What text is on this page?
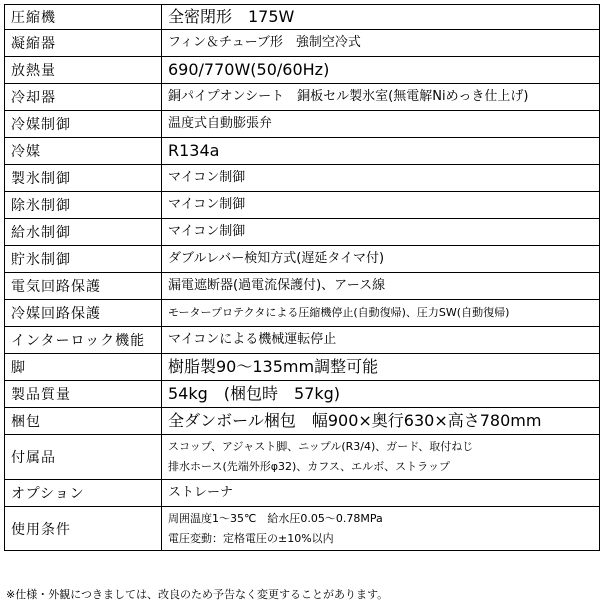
圧縮機	全密閉形　175W

凝縮器	フィン＆チューブ形　強制空冷式

放熱量	690/770W(50/60Hz)

冷却器	銅パイプオンシート　銅板セル製氷室(無電解Niめっき仕上げ)

冷媒制御	温度式自動膨張弁

冷媒	R134a

製氷制御	マイコン制御

除氷制御	マイコン制御

給水制御	マイコン制御

貯氷制御	ダブルレバー検知方式(遅延タイマ付)

電気回路保護	漏電遮断器(過電流保護付)、アース線

冷媒回路保護	モータープロテクタによる圧縮機停止(自動復帰)、圧力SW(自動復帰)

インターロック機能	マイコンによる機械運転停止

脚	樹脂製90～135mm調整可能

製品質量	54kg　(梱包時　57kg)

梱包	全ダンボール梱包　幅900×奥行630×高さ780mm

付属品	スコップ、アジャスト脚、ニップル(R3/4)、ガード、取付ねじ
排水ホース(先端外形φ32)、カフス、エルボ、ストラップ

オプション	ストレーナ

使用条件	周囲温度1～35℃　給水圧0.05～0.78MPa
電圧変動：定格電圧の±10%以内
※仕様・外観につきましては、改良のため予告なく変更することがあります。
